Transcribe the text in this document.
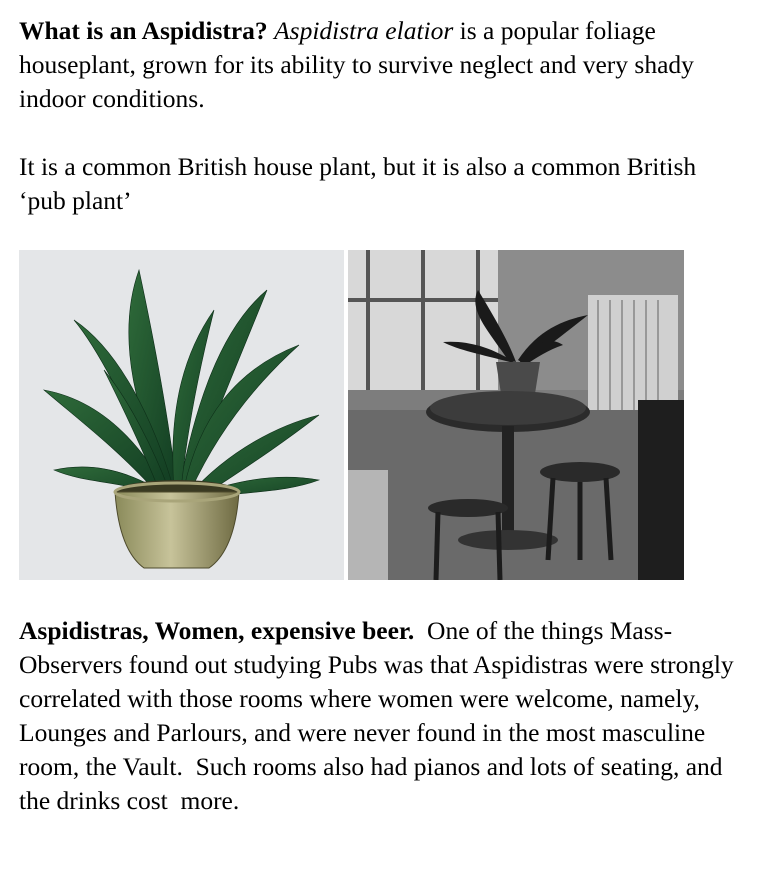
What is an Aspidistra? Aspidistra elatior is a popular foliage houseplant, grown for its ability to survive neglect and very shady indoor conditions.

It is a common British house plant, but it is also a common British ‘pub plant’

Aspidistras, Women, expensive beer.  One of the things Mass-Observers found out studying Pubs was that Aspidistras were strongly correlated with those rooms where women were welcome, namely, Lounges and Parlours, and were never found in the most masculine room, the Vault.  Such rooms also had pianos and lots of seating, and the drinks cost  more.
